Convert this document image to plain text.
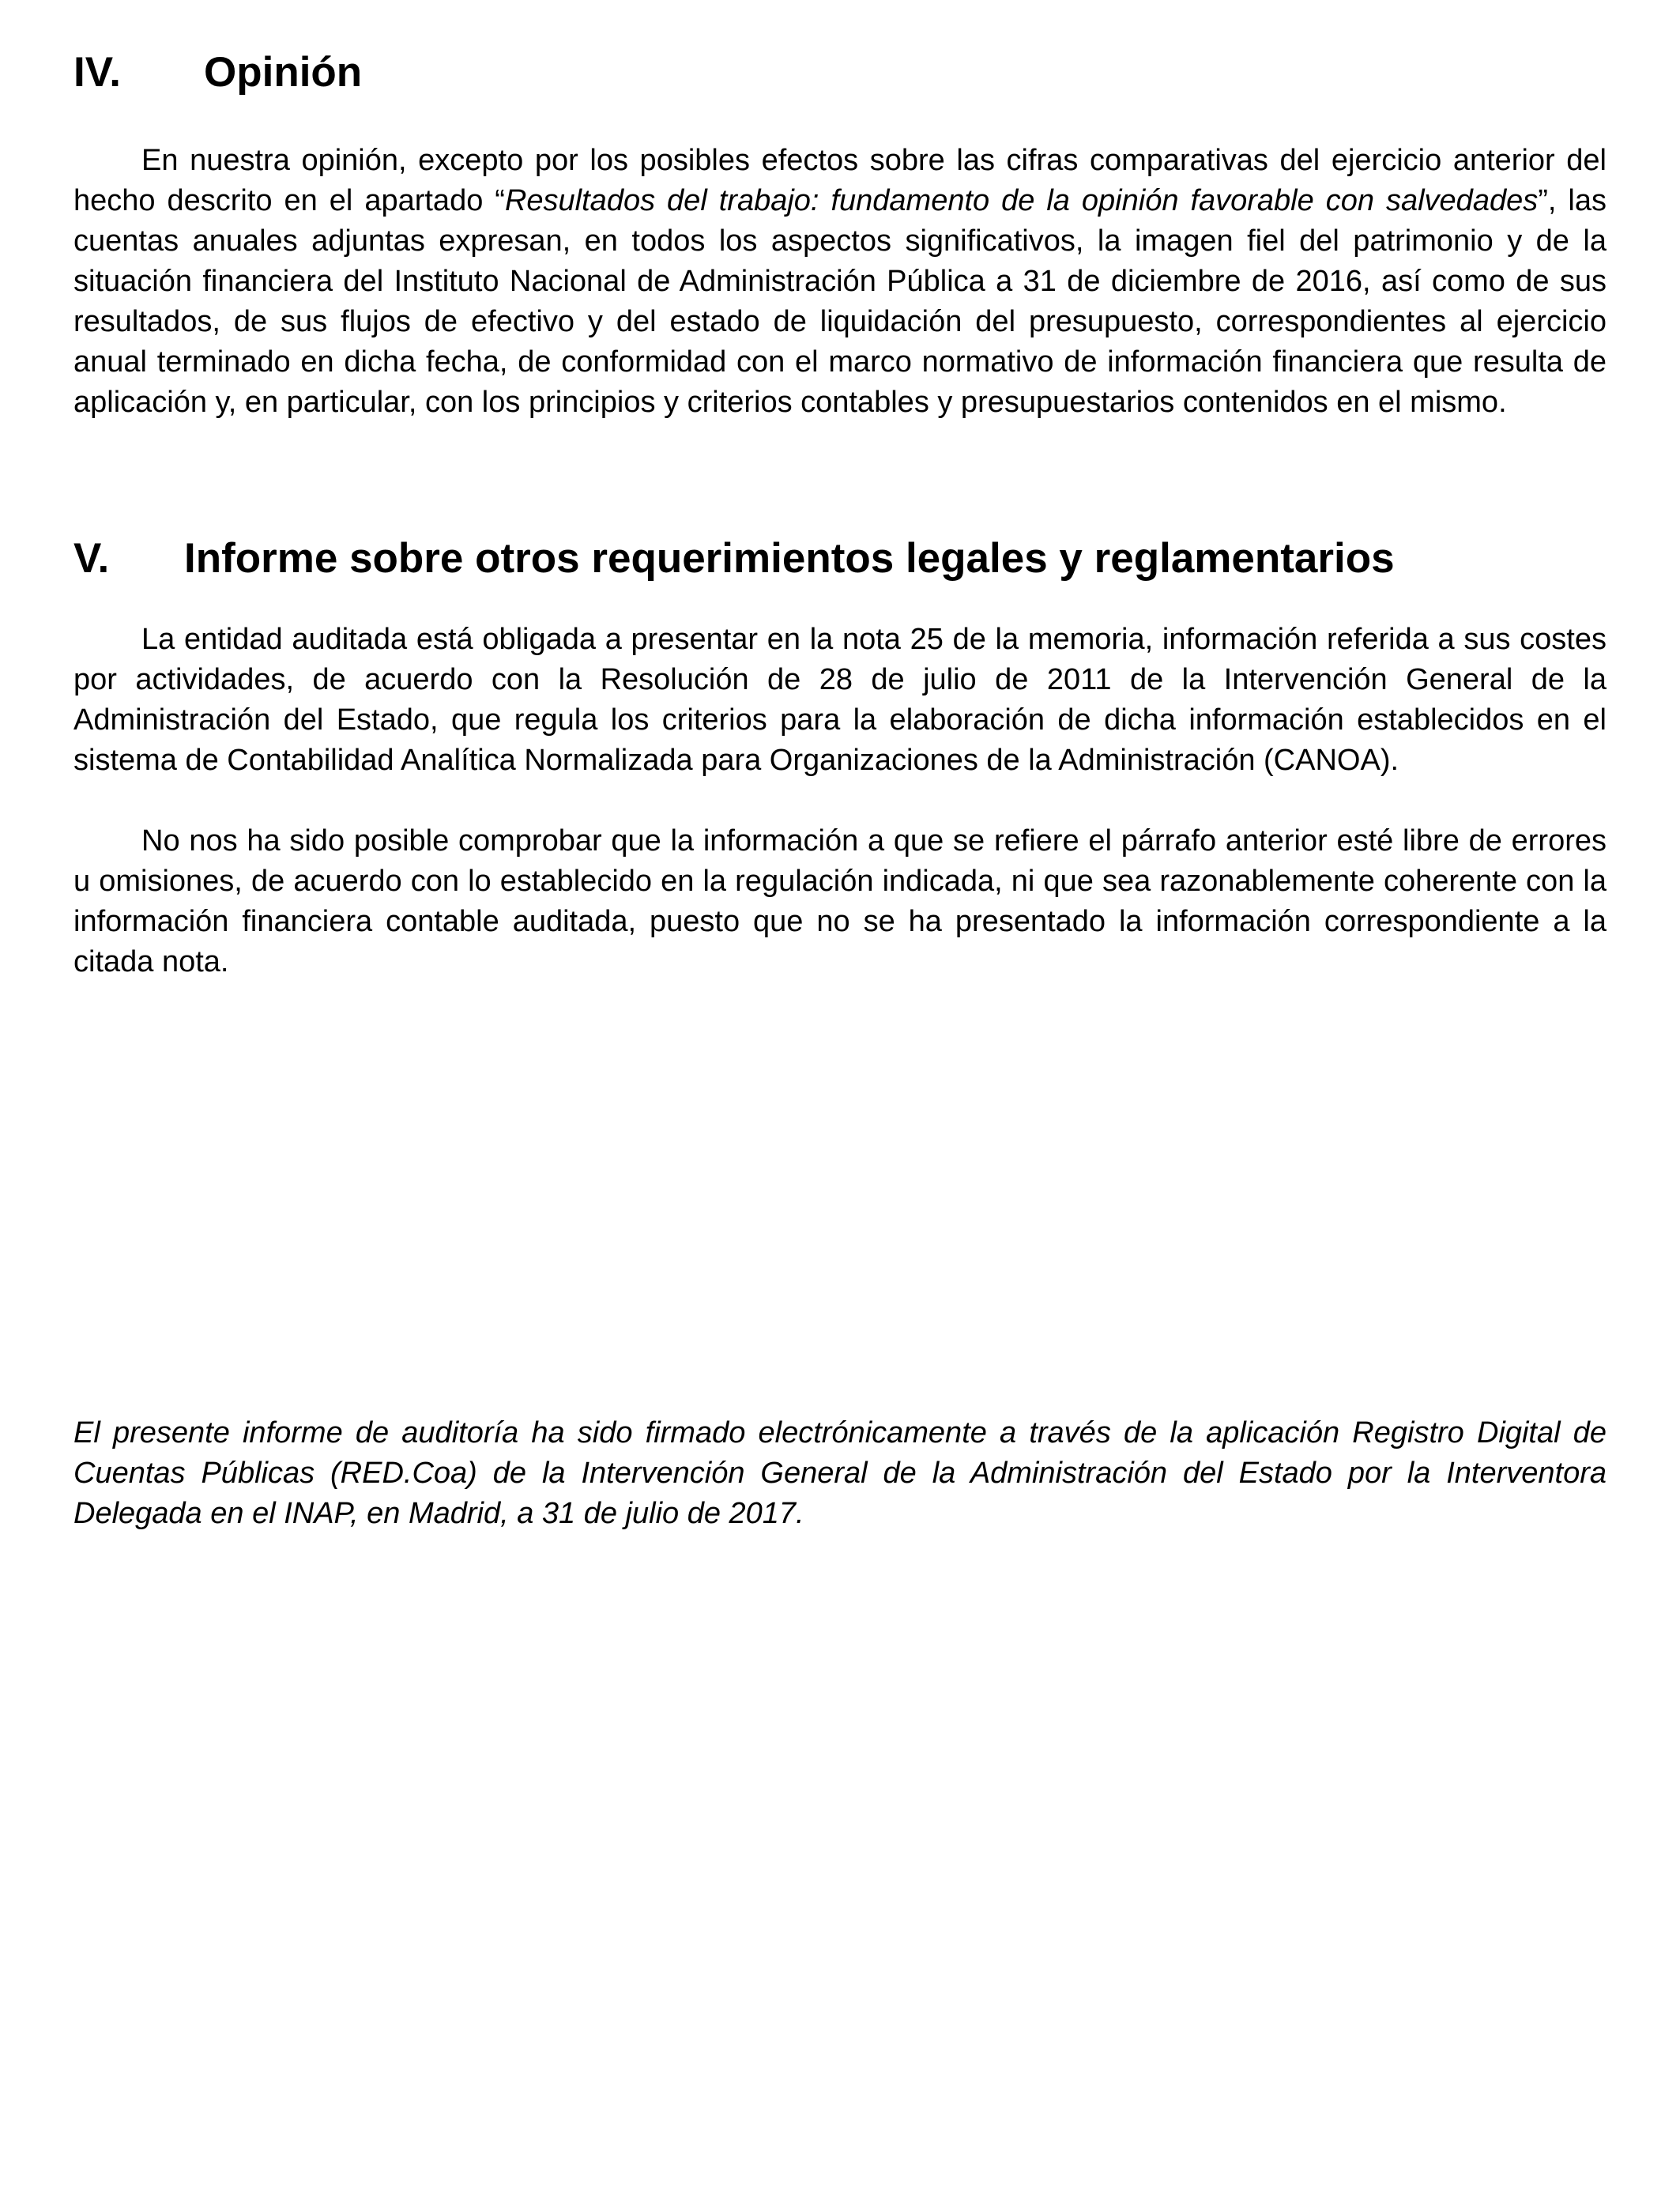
IV.	Opinión

En nuestra opinión, excepto por los posibles efectos sobre las cifras comparativas del ejercicio anterior del hecho descrito en el apartado “Resultados del trabajo: fundamento de la opinión favorable con salvedades”, las cuentas anuales adjuntas expresan, en todos los aspectos significativos, la imagen fiel del patrimonio y de la situación financiera del Instituto Nacional de Administración Pública a 31 de diciembre de 2016, así como de sus resultados, de sus flujos de efectivo y del estado de liquidación del presupuesto, correspondientes al ejercicio anual terminado en dicha fecha, de conformidad con el marco normativo de información financiera que resulta de aplicación y, en particular, con los principios y criterios contables y presupuestarios contenidos en el mismo.

V.	Informe sobre otros requerimientos legales y reglamentarios

La entidad auditada está obligada a presentar en la nota 25 de la memoria, información referida a sus costes por actividades, de acuerdo con la Resolución de 28 de julio de 2011 de la Intervención General de la Administración del Estado, que regula los criterios para la elaboración de dicha información establecidos en el sistema de Contabilidad Analítica Normalizada para Organizaciones de la Administración (CANOA).

No nos ha sido posible comprobar que la información a que se refiere el párrafo anterior esté libre de errores u omisiones, de acuerdo con lo establecido en la regulación indicada, ni que sea razonablemente coherente con la información financiera contable auditada, puesto que no se ha presentado la información correspondiente a la citada nota.

El presente informe de auditoría ha sido firmado electrónicamente a través de la aplicación Registro Digital de Cuentas Públicas (RED.Coa) de la Intervención General de la Administración del Estado por la Interventora Delegada en el INAP, en Madrid, a 31 de julio de 2017.
